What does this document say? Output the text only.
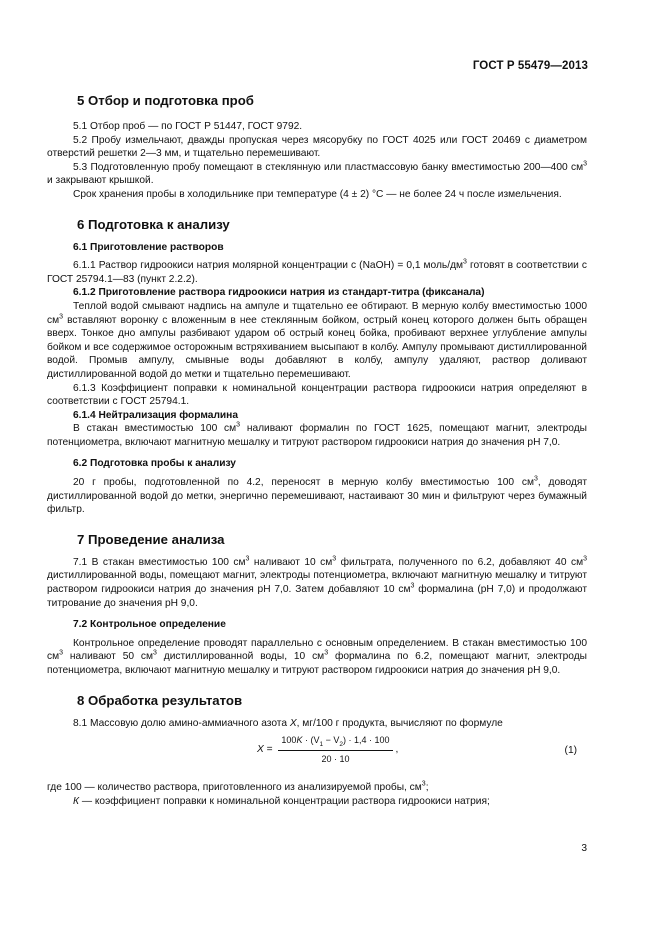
ГОСТ Р 55479—2013
5 Отбор и подготовка проб

5.1 Отбор проб — по ГОСТ Р 51447, ГОСТ 9792.

5.2 Пробу измельчают, дважды пропуская через мясорубку по ГОСТ 4025 или ГОСТ 20469 с диаметром отверстий решетки 2—3 мм, и тщательно перемешивают.

5.3 Подготовленную пробу помещают в стеклянную или пластмассовую банку вместимостью 200—400 $см^3$ и закрывают крышкой.

Срок хранения пробы в холодильнике при температуре (4 ± 2) °С — не более 24 ч после измельчения.

6 Подготовка к анализу
6.1 Приготовление растворов

6.1.1 Раствор гидроокиси натрия молярной концентрации с (NaOH) = 0,1 моль/$дм^3$ готовят в соответствии с ГОСТ 25794.1—83 (пункт 2.2.2).

6.1.2 Приготовление раствора гидроокиси натрия из стандарт-титра (фиксанала)

Теплой водой смывают надпись на ампуле и тщательно ее обтирают. В мерную колбу вместимостью 1000 $см^3$ вставляют воронку с вложенным в нее стеклянным бойком, острый конец которого должен быть обращен вверх. Тонкое дно ампулы разбивают ударом об острый конец бойка, пробивают верхнее углубление ампулы бойком и все содержимое осторожным встряхиванием высыпают в колбу. Ампулу промывают дистиллированной водой. Промыв ампулу, смывные воды добавляют в колбу, ампулу удаляют, раствор доливают дистиллированной водой до метки и тщательно перемешивают.

6.1.3 Коэффициент поправки к номинальной концентрации раствора гидроокиси натрия определяют в соответствии с ГОСТ 25794.1.

6.1.4 Нейтрализация формалина

В стакан вместимостью 100 $см^3$ наливают формалин по ГОСТ 1625, помещают магнит, электроды потенциометра, включают магнитную мешалку и титруют раствором гидроокиси натрия до значения рН 7,0.

6.2 Подготовка пробы к анализу

20 г пробы, подготовленной по 4.2, переносят в мерную колбу вместимостью 100 $см^3$, доводят дистиллированной водой до метки, энергично перемешивают, настаивают 30 мин и фильтруют через бумажный фильтр.

7 Проведение анализа

7.1 В стакан вместимостью 100 $см^3$ наливают 10 $см^3$ фильтрата, полученного по 6.2, добавляют 40 $см^3$ дистиллированной воды, помещают магнит, электроды потенциометра, включают магнитную мешалку и титруют раствором гидроокиси натрия до значения рН 7,0. Затем добавляют 10 $см^3$ формалина (рН 7,0) и продолжают титрование до значения рН 9,0.

7.2 Контрольное определение

Контрольное определение проводят параллельно с основным определением. В стакан вместимостью 100 $см^3$ наливают 50 $см^3$ дистиллированной воды, 10 $см^3$ формалина по 6.2, помещают магнит, электроды потенциометра, включают магнитную мешалку и титруют раствором гидроокиси натрия до значения рН 9,0.

8 Обработка результатов

8.1 Массовую долю амино-аммиачного азота X, мг/100 г продукта, вычисляют по формуле

$X = \frac{100K \cdot (V_1 - V_2) \cdot 1,4 \cdot 100}{20 \cdot 10}$ ,	(1)

где 100 — количество раствора, приготовленного из анализируемой пробы, $см^3$;

К — коэффициент поправки к номинальной концентрации раствора гидроокиси натрия;

3
